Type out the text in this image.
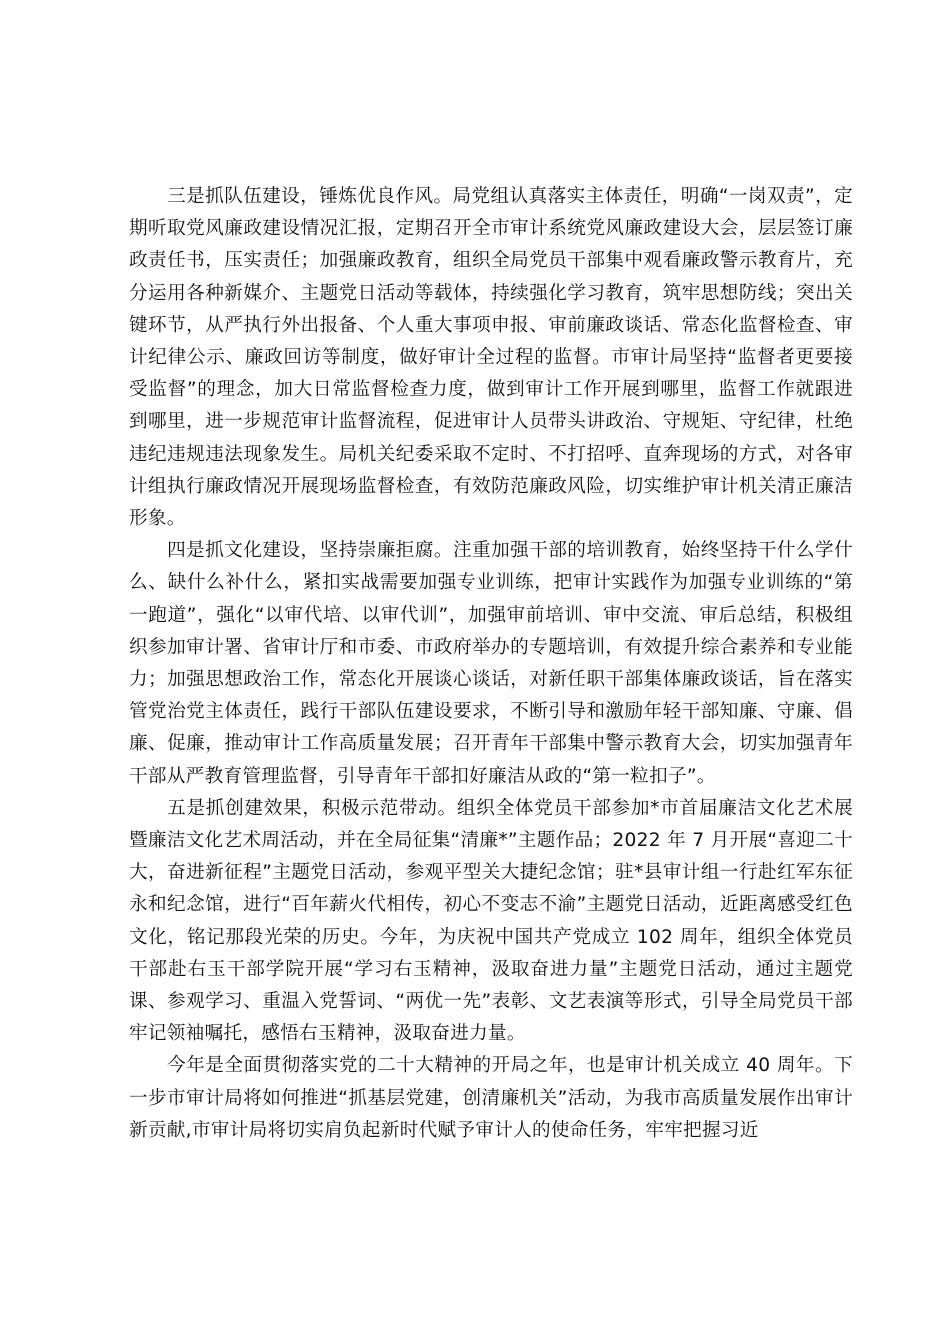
三是抓队伍建设，锤炼优良作风。局党组认真落实主体责任，明确“一岗双责”，定期听取党风廉政建设情况汇报，定期召开全市审计系统党风廉政建设大会，层层签订廉政责任书，压实责任；加强廉政教育，组织全局党员干部集中观看廉政警示教育片，充分运用各种新媒介、主题党日活动等载体，持续强化学习教育，筑牢思想防线；突出关键环节，从严执行外出报备、个人重大事项申报、审前廉政谈话、常态化监督检查、审计纪律公示、廉政回访等制度，做好审计全过程的监督。市审计局坚持“监督者更要接受监督”的理念，加大日常监督检查力度，做到审计工作开展到哪里，监督工作就跟进到哪里，进一步规范审计监督流程，促进审计人员带头讲政治、守规矩、守纪律，杜绝违纪违规违法现象发生。局机关纪委采取不定时、不打招呼、直奔现场的方式，对各审计组执行廉政情况开展现场监督检查，有效防范廉政风险，切实维护审计机关清正廉洁形象。

四是抓文化建设，坚持崇廉拒腐。注重加强干部的培训教育，始终坚持干什么学什么、缺什么补什么，紧扣实战需要加强专业训练，把审计实践作为加强专业训练的“第一跑道”，强化“以审代培、以审代训”，加强审前培训、审中交流、审后总结，积极组织参加审计署、省审计厅和市委、市政府举办的专题培训，有效提升综合素养和专业能力；加强思想政治工作，常态化开展谈心谈话，对新任职干部集体廉政谈话，旨在落实管党治党主体责任，践行干部队伍建设要求，不断引导和激励年轻干部知廉、守廉、倡廉、促廉，推动审计工作高质量发展；召开青年干部集中警示教育大会，切实加强青年干部从严教育管理监督，引导青年干部扣好廉洁从政的“第一粒扣子”。

五是抓创建效果，积极示范带动。组织全体党员干部参加*市首届廉洁文化艺术展暨廉洁文化艺术周活动，并在全局征集“清廉*”主题作品；2022 年 7 月开展“喜迎二十大，奋进新征程”主题党日活动，参观平型关大捷纪念馆；驻*县审计组一行赴红军东征永和纪念馆，进行“百年薪火代相传，初心不变志不渝”主题党日活动，近距离感受红色文化，铭记那段光荣的历史。今年，为庆祝中国共产党成立 102 周年，组织全体党员干部赴右玉干部学院开展“学习右玉精神，汲取奋进力量”主题党日活动，通过主题党课、参观学习、重温入党誓词、“两优一先”表彰、文艺表演等形式，引导全局党员干部牢记领袖嘱托，感悟右玉精神，汲取奋进力量。

今年是全面贯彻落实党的二十大精神的开局之年，也是审计机关成立 40 周年。下一步市审计局将如何推进“抓基层党建，创清廉机关”活动，为我市高质量发展作出审计新贡献,市审计局将切实肩负起新时代赋予审计人的使命任务，牢牢把握习近
